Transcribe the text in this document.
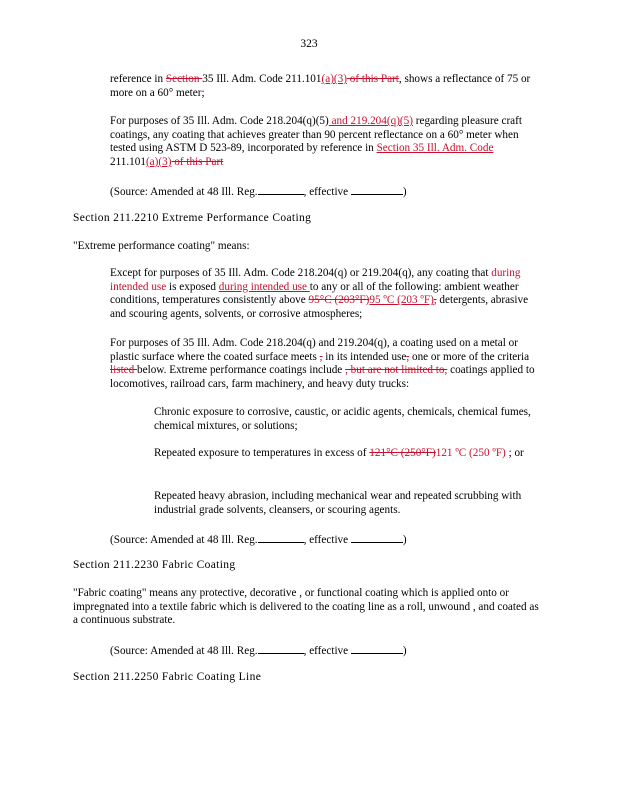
323
reference in Section 35 Ill. Adm. Code 211.101(a)(3) of this Part, shows a reflectance of 75 or more on a 60° meter;
For purposes of 35 Ill. Adm. Code 218.204(q)(5) and 219.204(q)(5) regarding pleasure craft coatings, any coating that achieves greater than 90 percent reflectance on a 60° meter when tested using ASTM D 523-89, incorporated by reference in Section 35 Ill. Adm. Code 211.101(a)(3) of this Part
(Source: Amended at 48 Ill. Reg.	, effective	)
Section 211.2210 Extreme Performance Coating
"Extreme performance coating" means:
Except for purposes of 35 Ill. Adm. Code 218.204(q) or 219.204(q), any coating that during intended use is exposed during intended use to any or all of the following: ambient weather conditions, temperatures consistently above 95°C (203°F)95 ºC (203 ºF), detergents, abrasive and scouring agents, solvents, or corrosive atmospheres;
For purposes of 35 Ill. Adm. Code 218.204(q) and 219.204(q), a coating used on a metal or plastic surface where the coated surface meets , in its intended use, one or more of the criteria listed below. Extreme performance coatings include , but are not limited to, coatings applied to locomotives, railroad cars, farm machinery, and heavy duty trucks:
Chronic exposure to corrosive, caustic, or acidic agents, chemicals, chemical fumes, chemical mixtures, or solutions;
Repeated exposure to temperatures in excess of 121°C (250°F)121 ºC (250 ºF) ; or
Repeated heavy abrasion, including mechanical wear and repeated scrubbing with industrial grade solvents, cleansers, or scouring agents.
(Source: Amended at 48 Ill. Reg.	, effective	)
Section 211.2230 Fabric Coating
"Fabric coating" means any protective, decorative , or functional coating which is applied onto or impregnated into a textile fabric which is delivered to the coating line as a roll, unwound , and coated as a continuous substrate.
(Source: Amended at 48 Ill. Reg.	, effective	)
Section 211.2250 Fabric Coating Line
